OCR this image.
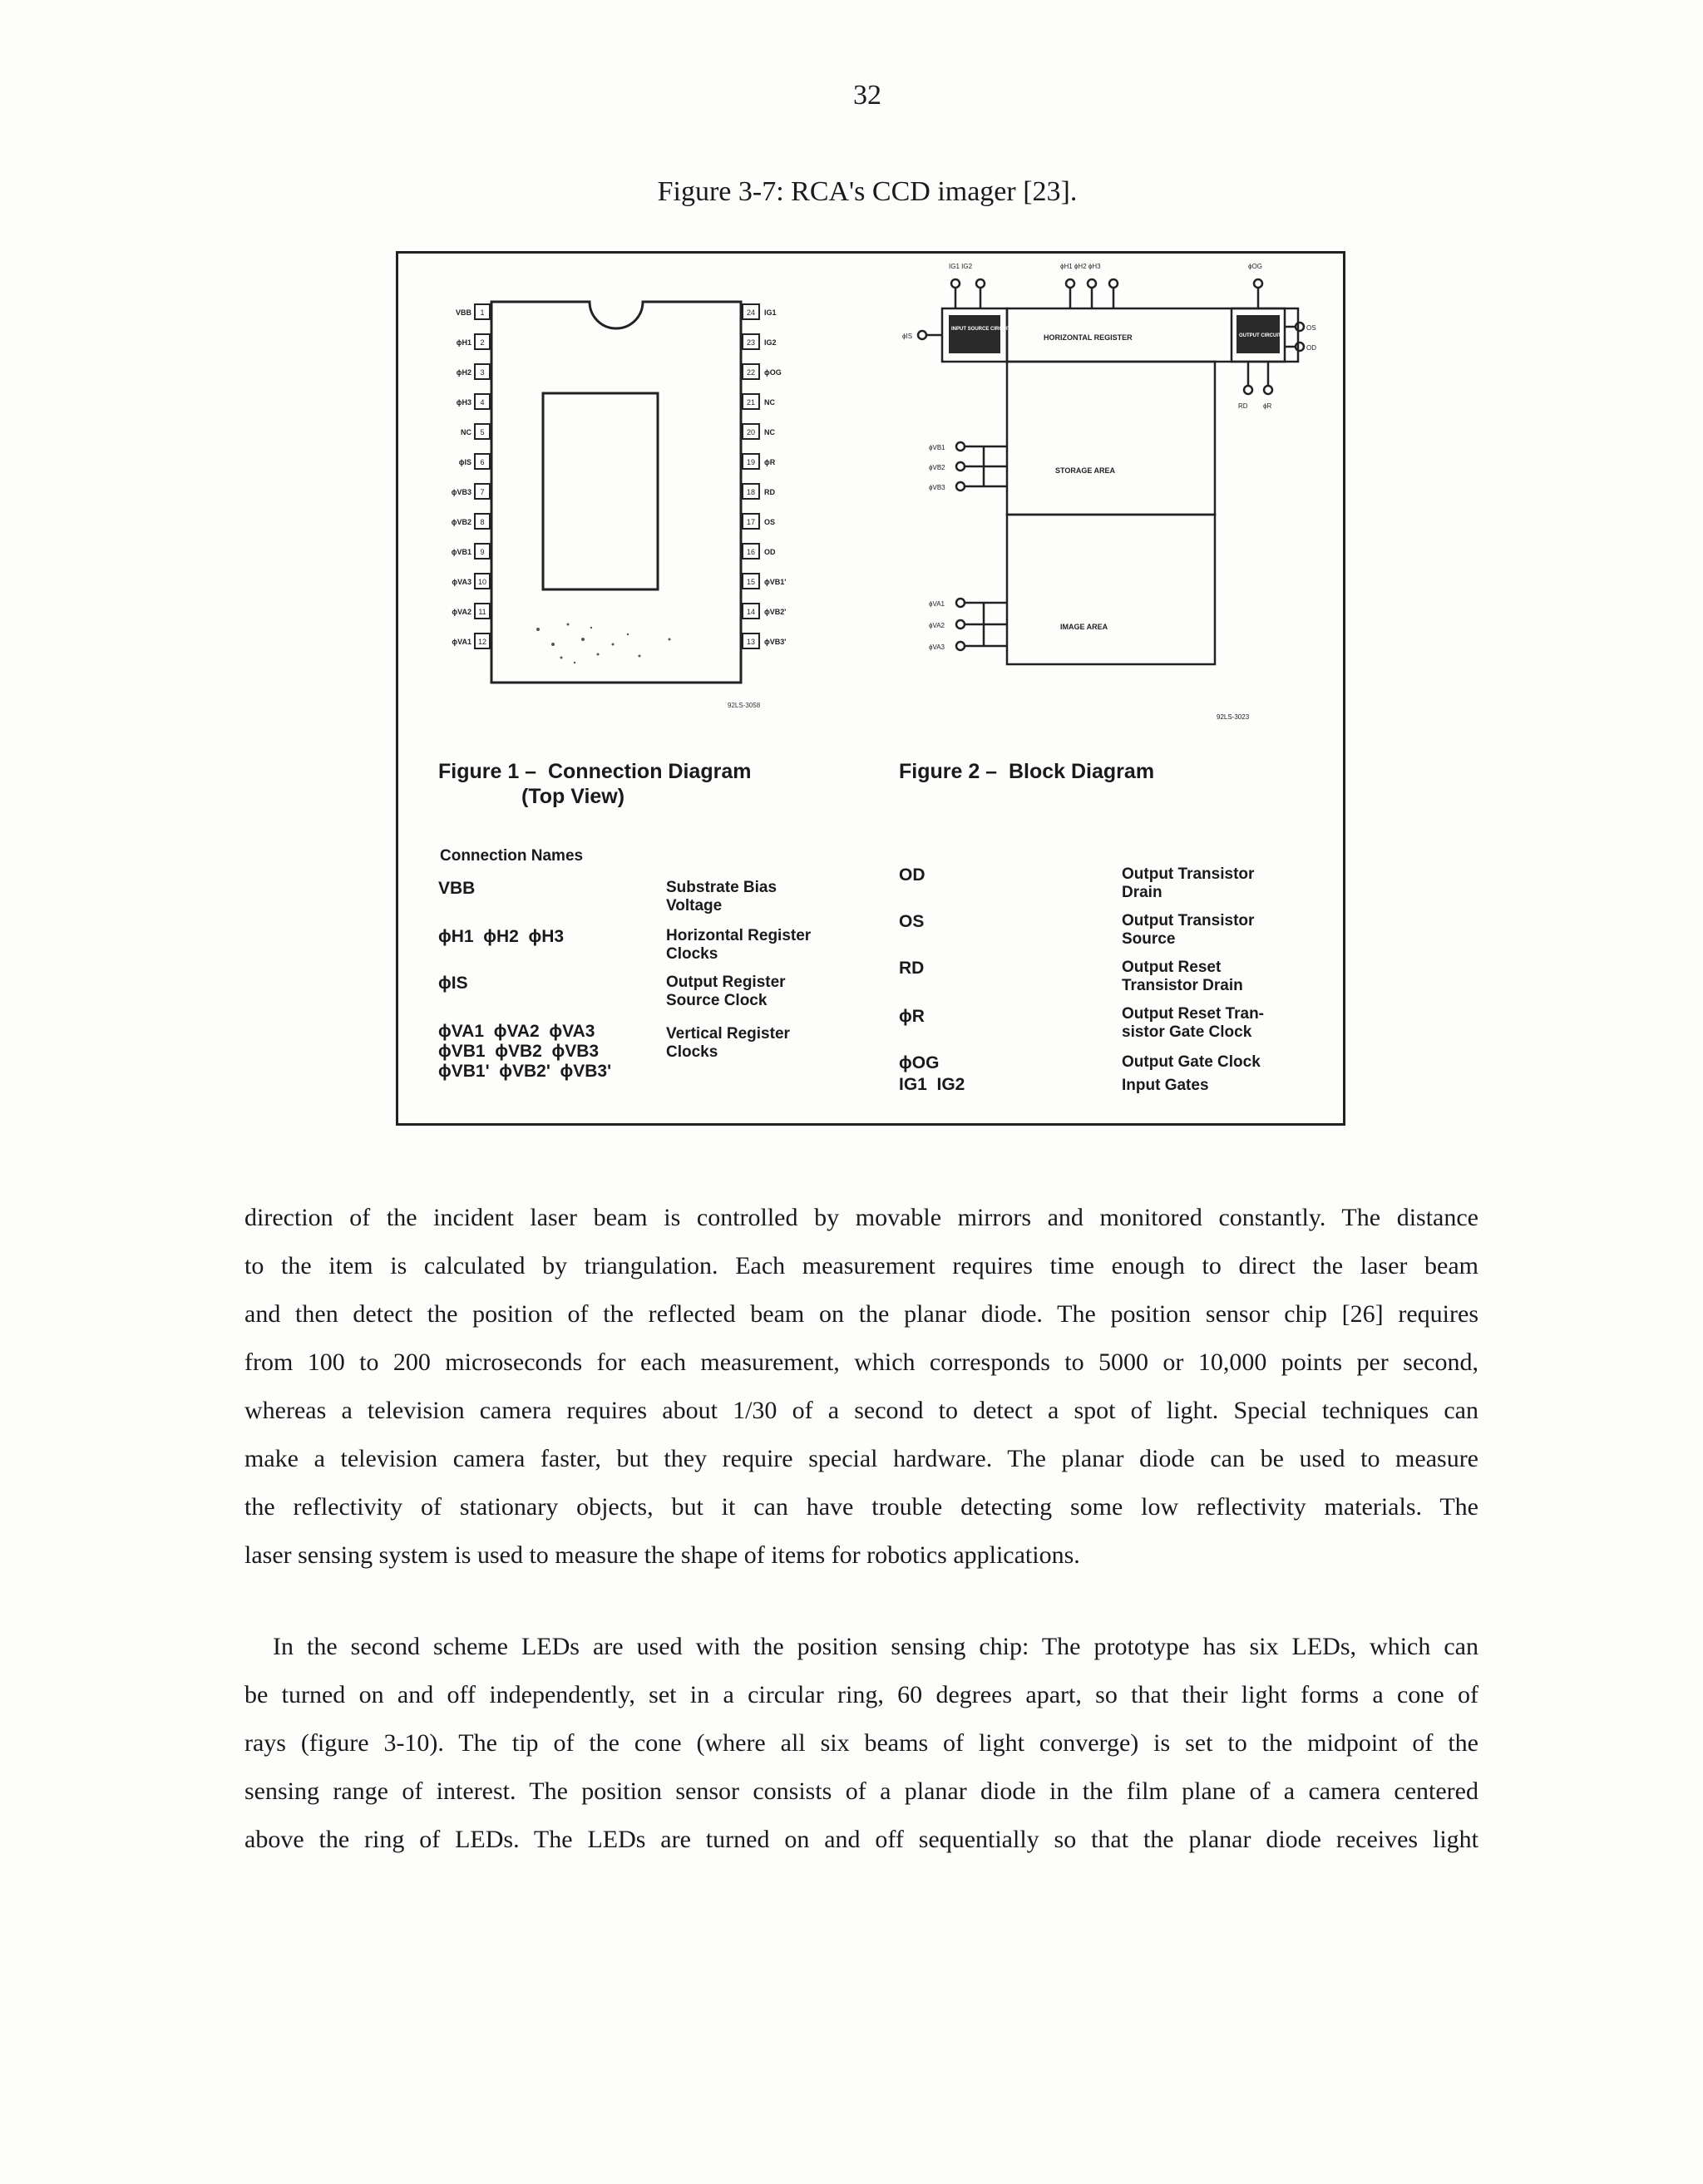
32
Figure 3-7: RCA's CCD imager [23].
1
VBB
2
ϕH1
3
ϕH2
4
ϕH3
5
NC
6
ϕIS
7
ϕVB3
8
ϕVB2
9
ϕVB1
10
ϕVA3
11
ϕVA2
12
ϕVA1
24 IG1
23 IG2
22 ϕOG
21 NC
20 NC
19 ϕR
18 RD
17 OS
16 OD
15 ϕVB1'
14 ϕVB2'
13 ϕVB3'
92LS-3058
IG1 IG2	ϕH1 ϕH2 ϕH3	ϕOG
ϕIS
OS
OD
RD ϕR
ϕVB1
ϕVB2
ϕVB3
ϕVA1
ϕVA2
ϕVA3
HORIZONTAL REGISTER
STORAGE AREA
IMAGE AREA
92LS-3023
INPUT SOURCE CIRCUIT
OUTPUT CIRCUIT
Figure 1 –  Connection Diagram
(Top View)
Figure 2 –  Block Diagram
Connection Names
VBB	Substrate Bias
Voltage
ϕH1  ϕH2  ϕH3	Horizontal Register
Clocks
ϕIS	Output Register
Source Clock
ϕVA1  ϕVA2  ϕVA3
ϕVB1  ϕVB2  ϕVB3
ϕVB1'  ϕVB2'  ϕVB3'
Vertical Register
Clocks
OD	Output Transistor
Drain
OS	Output Transistor
Source
RD	Output Reset
Transistor Drain
ϕR	Output Reset Tran-
sistor Gate Clock
ϕOG	Output Gate Clock
IG1  IG2	Input Gates
direction of the incident laser beam is controlled by movable mirrors and monitored constantly. The distance
to the item is calculated by triangulation. Each measurement requires time enough to direct the laser beam
and then detect the position of the reflected beam on the planar diode. The position sensor chip [26] requires
from 100 to 200 microseconds for each measurement, which corresponds to 5000 or 10,000 points per second,
whereas a television camera requires about 1/30 of a second to detect a spot of light. Special techniques can
make a television camera faster, but they require special hardware. The planar diode can be used to measure
the reflectivity of stationary objects, but it can have trouble detecting some low reflectivity materials. The
laser sensing system is used to measure the shape of items for robotics applications.
In the second scheme LEDs are used with the position sensing chip: The prototype has six LEDs, which can
be turned on and off independently, set in a circular ring, 60 degrees apart, so that their light forms a cone of
rays (figure 3-10). The tip of the cone (where all six beams of light converge) is set to the midpoint of the
sensing range of interest. The position sensor consists of a planar diode in the film plane of a camera centered
above the ring of LEDs. The LEDs are turned on and off sequentially so that the planar diode receives light
